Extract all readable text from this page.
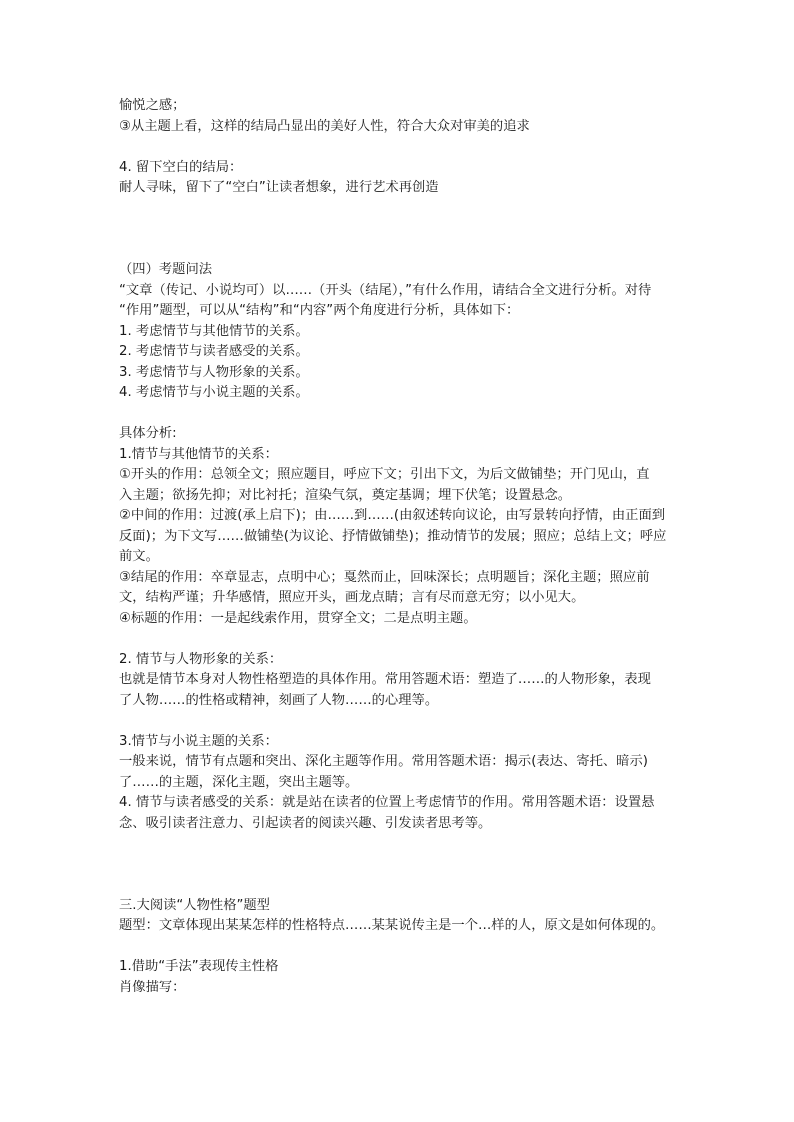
愉悦之感；
③从主题上看，这样的结局凸显出的美好人性，符合大众对审美的追求
4. 留下空白的结局：
耐人寻味，留下了“空白”让读者想象，进行艺术再创造
（四）考题问法
“文章（传记、小说均可）以……（开头（结尾），”有什么作用，请结合全文进行分析。对待
“作用”题型，可以从“结构”和“内容”两个角度进行分析，具体如下：
1. 考虑情节与其他情节的关系。
2. 考虑情节与读者感受的关系。
3. 考虑情节与人物形象的关系。
4. 考虑情节与小说主题的关系。
具体分析:
1.情节与其他情节的关系：
①开头的作用：总领全文；照应题目，呼应下文；引出下文，为后文做铺垫；开门见山，直
入主题；欲扬先抑；对比衬托；渲染气氛，奠定基调；埋下伏笔；设置悬念。
②中间的作用：过渡(承上启下)；由……到……(由叙述转向议论，由写景转向抒情，由正面到
反面)；为下文写……做铺垫(为议论、抒情做铺垫)；推动情节的发展；照应；总结上文；呼应
前文。
③结尾的作用：卒章显志，点明中心；戛然而止，回味深长；点明题旨；深化主题；照应前
文，结构严谨；升华感情，照应开头，画龙点睛；言有尽而意无穷；以小见大。
④标题的作用：一是起线索作用，贯穿全文；二是点明主题。
2. 情节与人物形象的关系：
也就是情节本身对人物性格塑造的具体作用。常用答题术语：塑造了……的人物形象，表现
了人物……的性格或精神，刻画了人物……的心理等。
3.情节与小说主题的关系：
一般来说，情节有点题和突出、深化主题等作用。常用答题术语：揭示(表达、寄托、暗示)
了……的主题，深化主题，突出主题等。
4. 情节与读者感受的关系：就是站在读者的位置上考虑情节的作用。常用答题术语：设置悬
念、吸引读者注意力、引起读者的阅读兴趣、引发读者思考等。
三.大阅读“人物性格”题型
题型：文章体现出某某怎样的性格特点……某某说传主是一个…样的人，原文是如何体现的。
1.借助“手法”表现传主性格
肖像描写：
